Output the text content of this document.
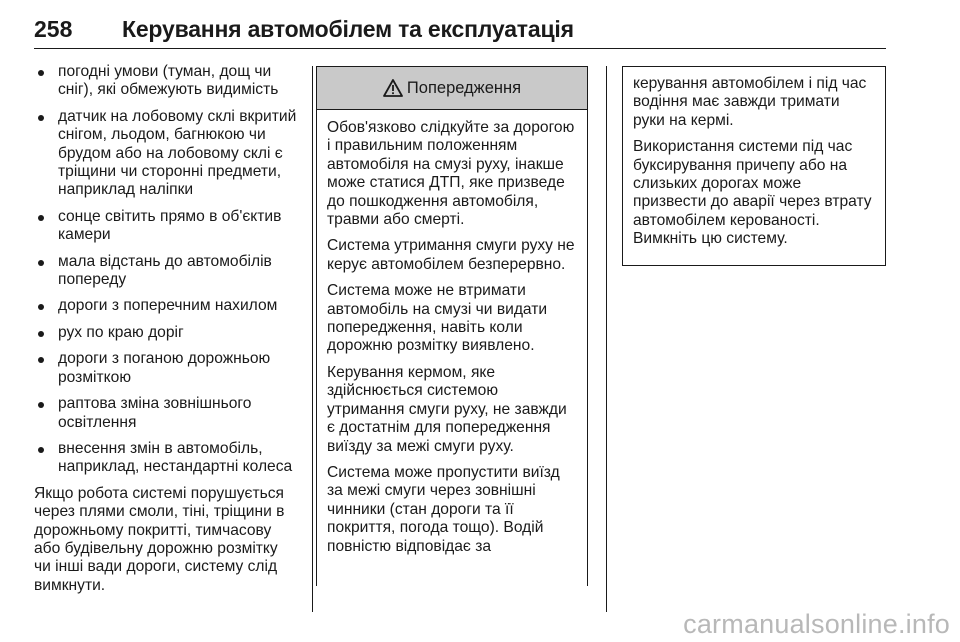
258 Керування автомобілем та експлуатація
погодні умови (туман, дощ чи сніг), які обмежують видимість
датчик на лобовому склі вкритий снігом, льодом, багнюкою чи брудом або на лобовому склі є тріщини чи сторонні предмети, наприклад наліпки
сонце світить прямо в об'єктив камери
мала відстань до автомобілів попереду
дороги з поперечним нахилом
рух по краю доріг
дороги з поганою дорожньою розміткою
раптова зміна зовнішнього освітлення
внесення змін в автомобіль, наприклад, нестандартні колеса

Якщо робота системі порушується через плями смоли, тіні, тріщини в дорожньому покритті, тимчасову або будівельну дорожню розмітку чи інші вади дороги, систему слід вимкнути.

Попередження

Обов'язково слідкуйте за дорогою і правильним положенням автомобіля на смузі руху, інакше може статися ДТП, яке призведе до пошкодження автомобіля, травми або смерті.

Система утримання смуги руху не керує автомобілем безперервно.

Система може не втримати автомобіль на смузі чи видати попередження, навіть коли дорожню розмітку виявлено.

Керування кермом, яке здійснюється системою утримання смуги руху, не завжди є достатнім для попередження виїзду за межі смуги руху.

Система може пропустити виїзд за межі смуги через зовнішні чинники (стан дороги та її покриття, погода тощо). Водій повністю відповідає за

керування автомобілем і під час водіння має завжди тримати руки на кермі.

Використання системи під час буксирування причепу або на слизьких дорогах може призвести до аварії через втрату автомобілем керованості. Вимкніть цю систему.

carmanualsonline.info
